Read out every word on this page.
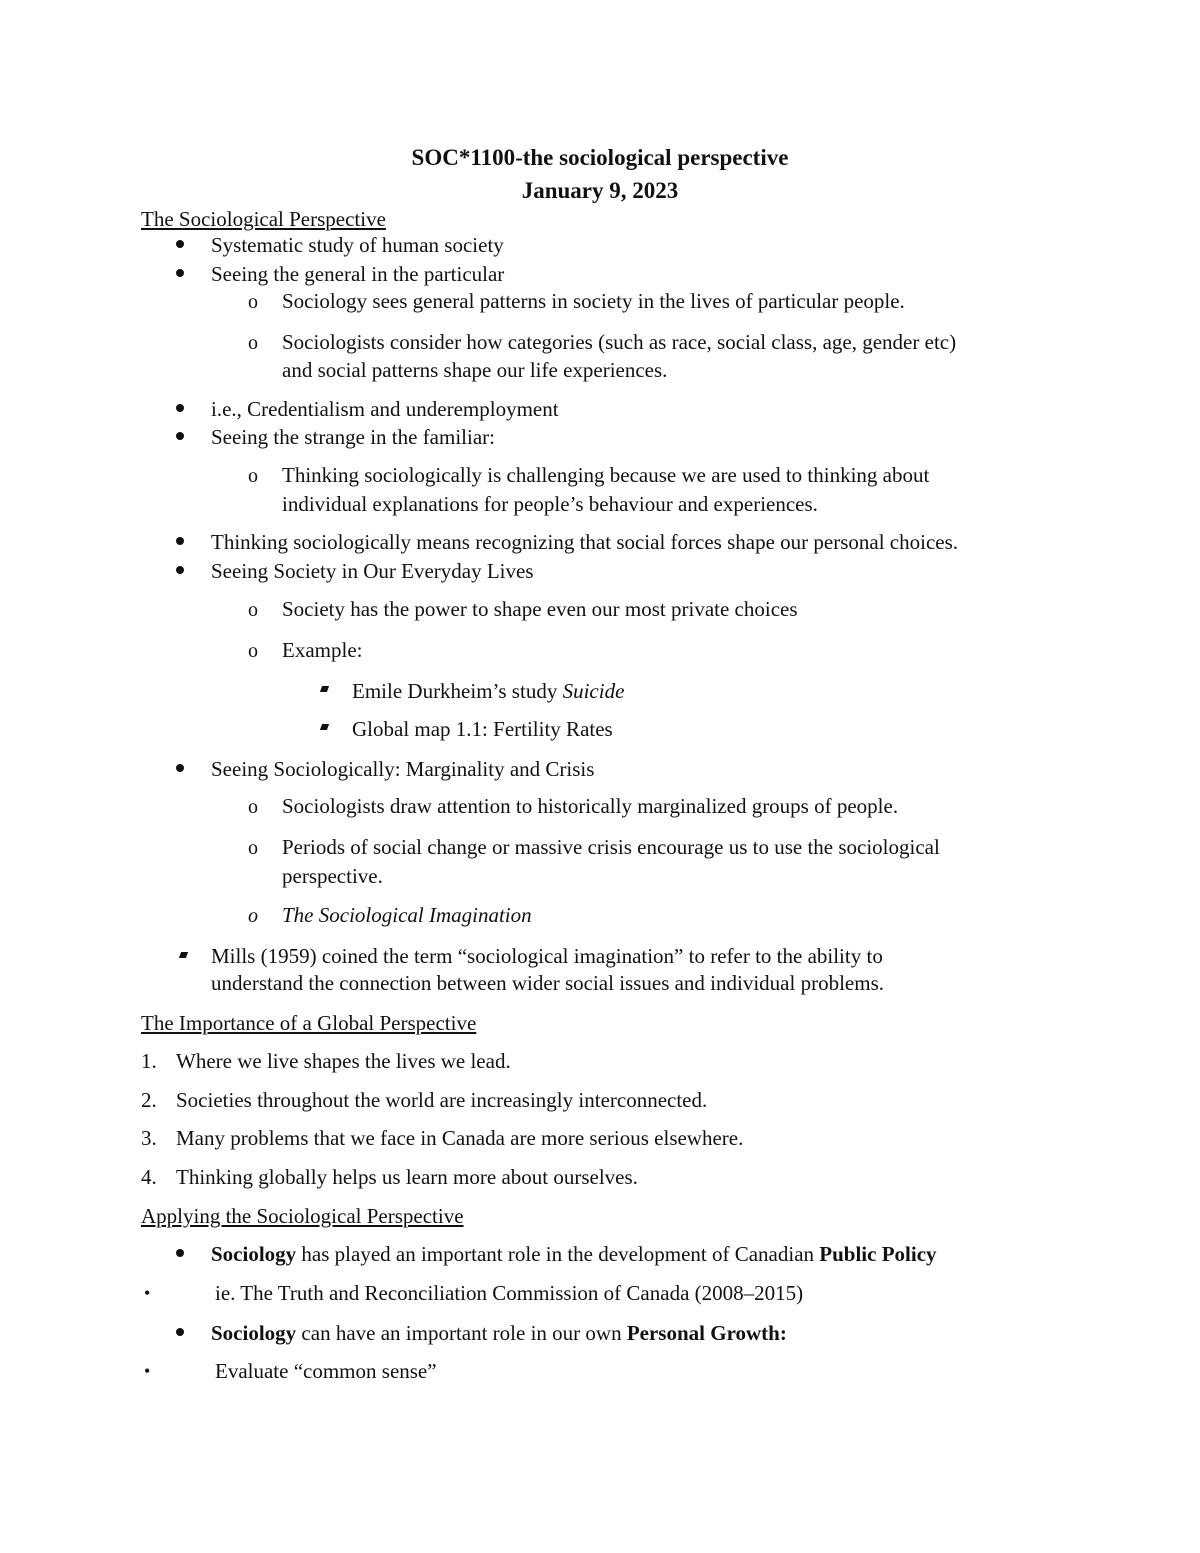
SOC*1100-the sociological perspective
January 9, 2023
The Sociological Perspective
Systematic study of human society
Seeing the general in the particular
o Sociology sees general patterns in society in the lives of particular people.
o Sociologists consider how categories (such as race, social class, age, gender etc)
and social patterns shape our life experiences.
i.e., Credentialism and underemployment
Seeing the strange in the familiar:
o Thinking sociologically is challenging because we are used to thinking about
individual explanations for people’s behaviour and experiences.
Thinking sociologically means recognizing that social forces shape our personal choices.
Seeing Society in Our Everyday Lives
o Society has the power to shape even our most private choices
o Example:
Emile Durkheim’s study Suicide
Global map 1.1: Fertility Rates
Seeing Sociologically: Marginality and Crisis
o Sociologists draw attention to historically marginalized groups of people.
o Periods of social change or massive crisis encourage us to use the sociological
perspective.
o The Sociological Imagination
Mills (1959) coined the term “sociological imagination” to refer to the ability to
understand the connection between wider social issues and individual problems.
The Importance of a Global Perspective
1. Where we live shapes the lives we lead.
2. Societies throughout the world are increasingly interconnected.
3. Many problems that we face in Canada are more serious elsewhere.
4. Thinking globally helps us learn more about ourselves.
Applying the Sociological Perspective
Sociology has played an important role in the development of Canadian Public Policy
•	ie. The Truth and Reconciliation Commission of Canada (2008–2015)
Sociology can have an important role in our own Personal Growth:
•	Evaluate “common sense”
